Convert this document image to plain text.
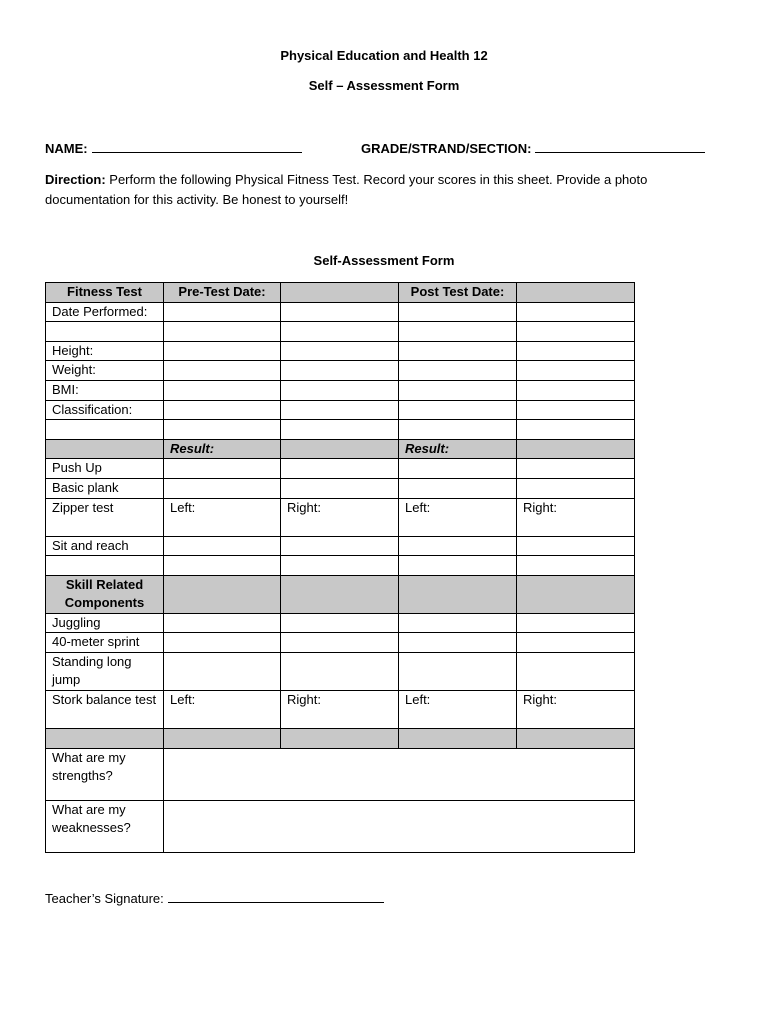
Physical Education and Health 12
Self – Assessment Form
NAME:	GRADE/STRAND/SECTION:
Direction: Perform the following Physical Fitness Test. Record your scores in this sheet. Provide a photo documentation for this activity. Be honest to yourself!
Self-Assessment Form
Fitness Test	Pre-Test Date:		Post Test Date:	
Date Performed:				

Height:				
Weight:				
BMI:				
Classification:				

	Result:		Result:	
Push Up				
Basic plank				
Zipper test	Left:	Right:	Left:	Right:
Sit and reach				

Skill Related Components				
Juggling				
40-meter sprint				
Standing long jump				
Stork balance test	Left:	Right:	Left:	Right:

What are my strengths?				
What are my weaknesses?				
Teacher’s Signature:
